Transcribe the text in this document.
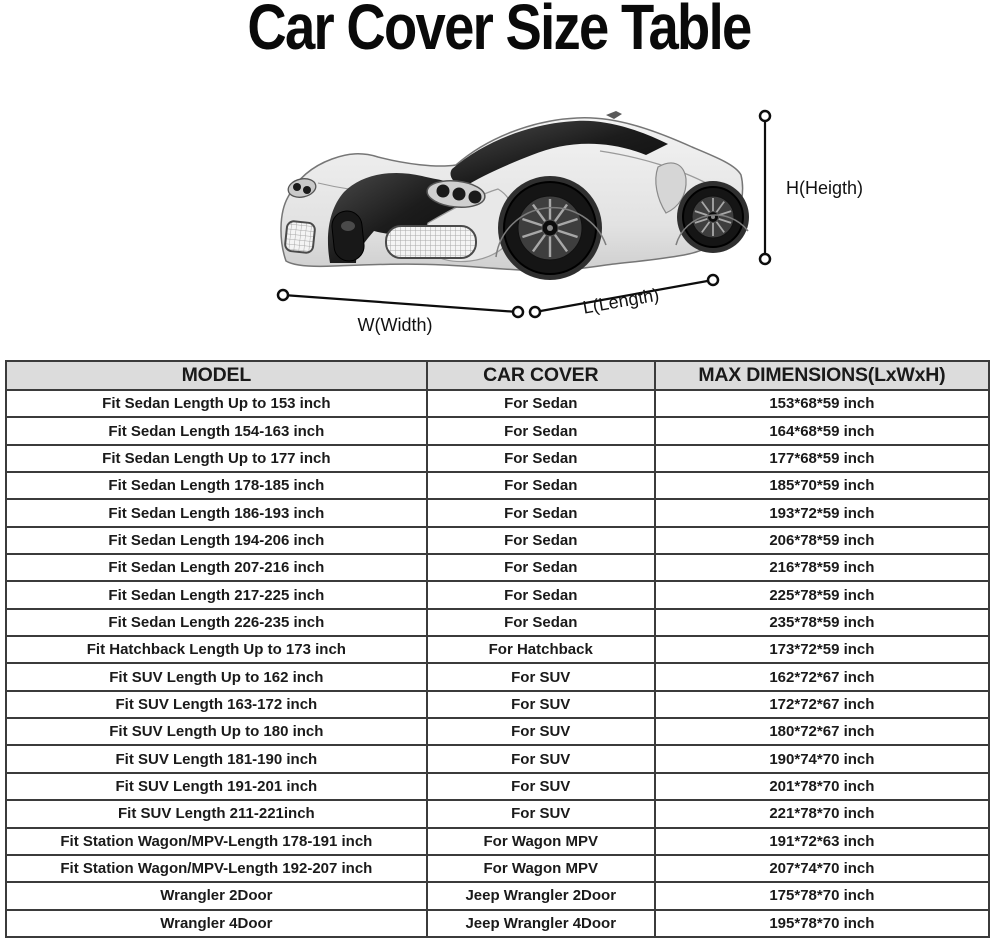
Car Cover Size Table
W(Width)
L(Length)
H(Heigth)
MODEL	CAR COVER	MAX DIMENSIONS(LxWxH)
Fit Sedan Length Up to 153 inch	For Sedan	153*68*59 inch
Fit Sedan Length 154-163 inch	For Sedan	164*68*59 inch
Fit Sedan Length Up to 177 inch	For Sedan	177*68*59 inch
Fit Sedan Length 178-185 inch	For Sedan	185*70*59 inch
Fit Sedan Length 186-193 inch	For Sedan	193*72*59 inch
Fit Sedan Length 194-206 inch	For Sedan	206*78*59 inch
Fit Sedan Length 207-216 inch	For Sedan	216*78*59 inch
Fit Sedan Length 217-225 inch	For Sedan	225*78*59 inch
Fit Sedan Length 226-235 inch	For Sedan	235*78*59 inch
Fit Hatchback Length Up to 173 inch	For Hatchback	173*72*59 inch
Fit SUV Length Up to 162 inch	For SUV	162*72*67 inch
Fit SUV Length 163-172 inch	For SUV	172*72*67 inch
Fit SUV Length Up to 180 inch	For SUV	180*72*67 inch
Fit SUV Length 181-190 inch	For SUV	190*74*70 inch
Fit SUV Length 191-201 inch	For SUV	201*78*70 inch
Fit SUV Length 211-221inch	For SUV	221*78*70 inch
Fit Station Wagon/MPV-Length 178-191 inch	For Wagon MPV	191*72*63 inch
Fit Station Wagon/MPV-Length 192-207 inch	For Wagon MPV	207*74*70 inch
Wrangler 2Door	Jeep Wrangler 2Door	175*78*70 inch
Wrangler 4Door	Jeep Wrangler 4Door	195*78*70 inch
